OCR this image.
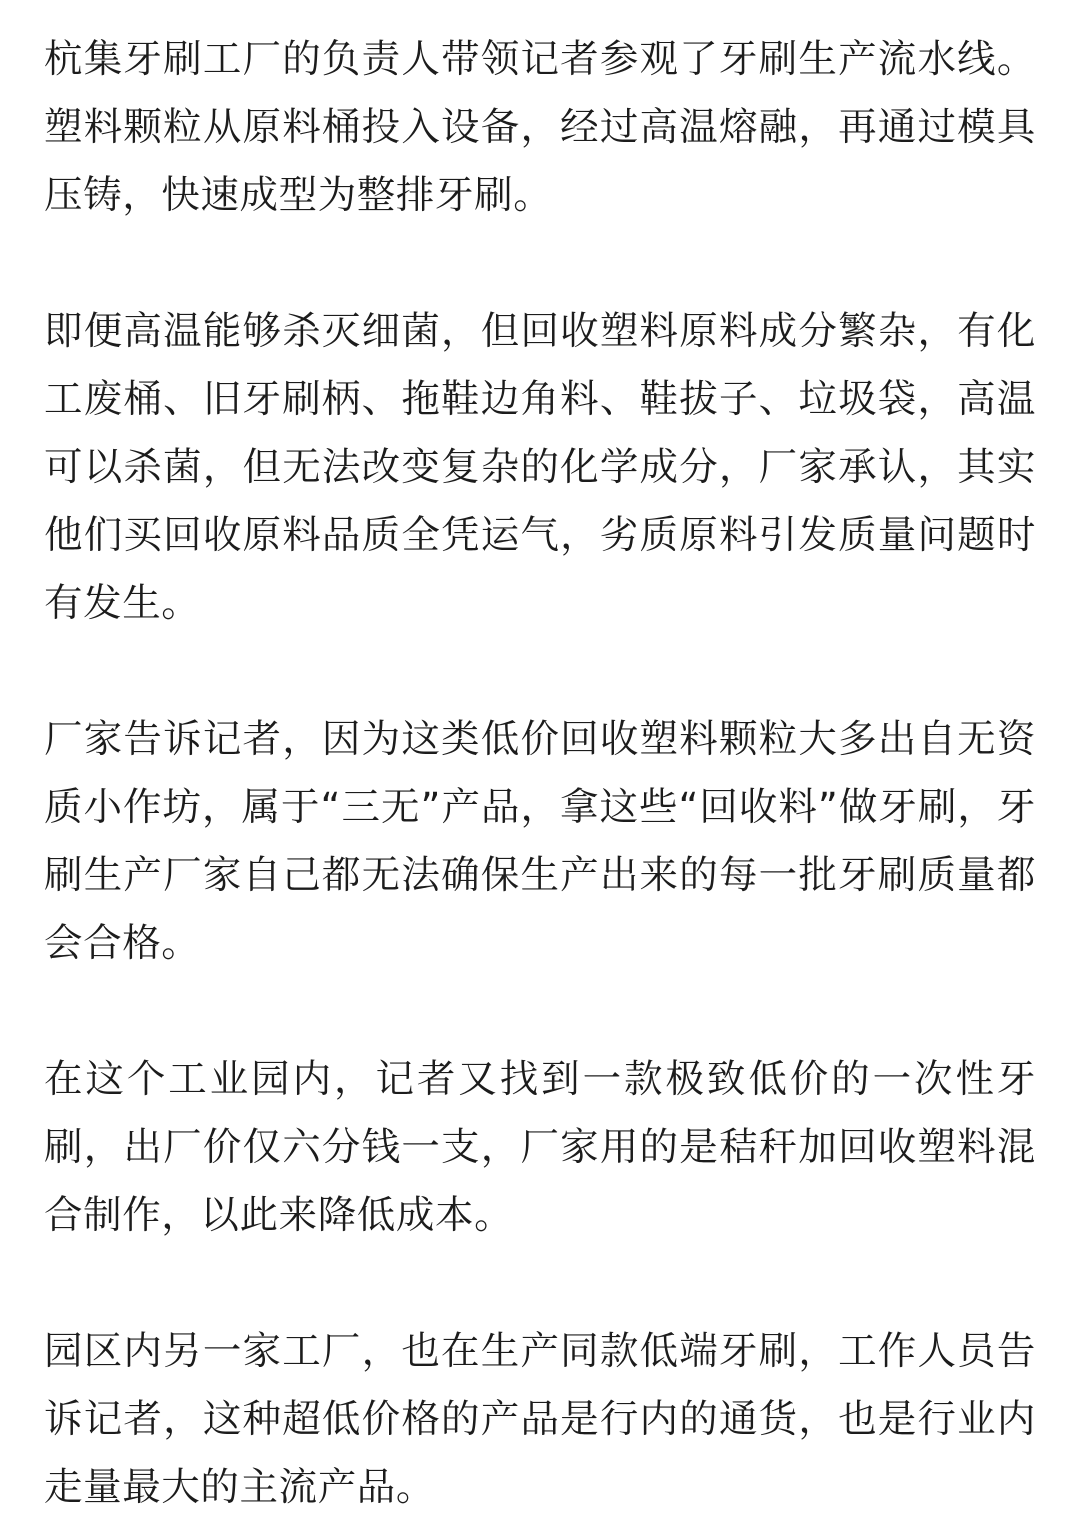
杭集牙刷工厂的负责人带领记者参观了牙刷生产流水线。塑料颗粒从原料桶投入设备，经过高温熔融，再通过模具压铸，快速成型为整排牙刷。

即便高温能够杀灭细菌，但回收塑料原料成分繁杂，有化工废桶、旧牙刷柄、拖鞋边角料、鞋拔子、垃圾袋，高温可以杀菌，但无法改变复杂的化学成分，厂家承认，其实他们买回收原料品质全凭运气，劣质原料引发质量问题时有发生。

厂家告诉记者，因为这类低价回收塑料颗粒大多出自无资质小作坊，属于“三无”产品，拿这些“回收料”做牙刷，牙刷生产厂家自己都无法确保生产出来的每一批牙刷质量都会合格。

在这个工业园内，记者又找到一款极致低价的一次性牙刷，出厂价仅六分钱一支，厂家用的是秸秆加回收塑料混合制作，以此来降低成本。

园区内另一家工厂，也在生产同款低端牙刷，工作人员告诉记者，这种超低价格的产品是行内的通货，也是行业内走量最大的主流产品。
